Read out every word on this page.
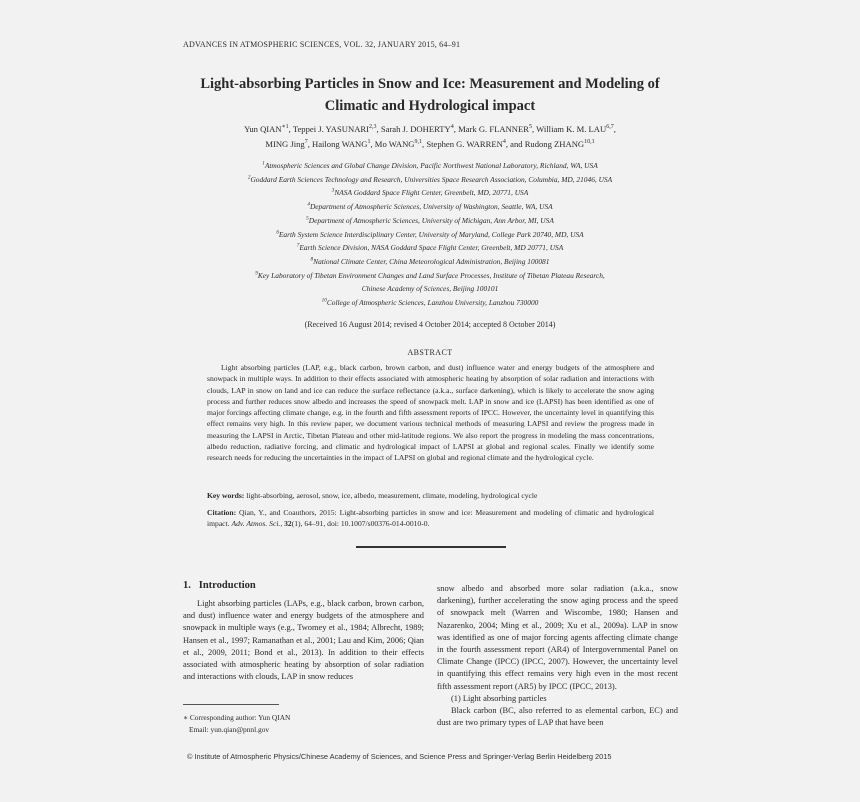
ADVANCES IN ATMOSPHERIC SCIENCES, VOL. 32, JANUARY 2015, 64–91
Light-absorbing Particles in Snow and Ice: Measurement and Modeling of
Climatic and Hydrological impact
Yun $QIAN^{∗1}$, Teppei J. YASUNARI$^{2,3}$, Sarah J. DOHERTY$^4$, Mark G. FLANNER$^5$, William K. M. LAU$^{6,7}$,
MING Jing$^7$, Hailong WANG$^1$, Mo WANG$^{9,1}$, Stephen G. WARREN$^4$, and Rudong ZHANG$^{10,1}$
$^1$Atmospheric Sciences and Global Change Division, Pacific Northwest National Laboratory, Richland, WA, USA
$^2$Goddard Earth Sciences Technology and Research, Universities Space Research Association, Columbia, MD, 21046, USA
$^3$NASA Goddard Space Flight Center, Greenbelt, MD, 20771, USA
$^4$Department of Atmospheric Sciences, University of Washington, Seattle, WA, USA
$^5$Department of Atmospheric Sciences, University of Michigan, Ann Arbor, MI, USA
$^6$Earth System Science Interdisciplinary Center, University of Maryland, College Park 20740, MD, USA
$^7$Earth Science Division, NASA Goddard Space Flight Center, Greenbelt, MD 20771, USA
$^8$National Climate Center, China Meteorological Administration, Beijing 100081
$^9$Key Laboratory of Tibetan Environment Changes and Land Surface Processes, Institute of Tibetan Plateau Research,
Chinese Academy of Sciences, Beijing 100101
$^{10}$College of Atmospheric Sciences, Lanzhou University, Lanzhou 730000
(Received 16 August 2014; revised 4 October 2014; accepted 8 October 2014)
ABSTRACT

Light absorbing particles (LAP, e.g., black carbon, brown carbon, and dust) influence water and energy budgets of the atmosphere and snowpack in multiple ways. In addition to their effects associated with atmospheric heating by absorption of solar radiation and interactions with clouds, LAP in snow on land and ice can reduce the surface reflectance (a.k.a., surface darkening), which is likely to accelerate the snow aging process and further reduces snow albedo and increases the speed of snowpack melt. LAP in snow and ice (LAPSI) has been identified as one of major forcings affecting climate change, e.g. in the fourth and fifth assessment reports of IPCC. However, the uncertainty level in quantifying this effect remains very high. In this review paper, we document various technical methods of measuring LAPSI and review the progress made in measuring the LAPSI in Arctic, Tibetan Plateau and other mid-latitude regions. We also report the progress in modeling the mass concentrations, albedo reduction, radiative forcing, and climatic and hydrological impact of LAPSI at global and regional scales. Finally we identify some research needs for reducing the uncertainties in the impact of LAPSI on global and regional climate and the hydrological cycle.

Key words: light-absorbing, aerosol, snow, ice, albedo, measurement, climate, modeling, hydrological cycle

Citation: Qian, Y., and Coauthors, 2015: Light-absorbing particles in snow and ice: Measurement and modeling of climatic and hydrological impact. Adv. Atmos. Sci., 32(1), 64–91, doi: 10.1007/s00376-014-0010-0.

1. Introduction

Light absorbing particles (LAPs, e.g., black carbon, brown carbon, and dust) influence water and energy budgets of the atmosphere and snowpack in multiple ways (e.g., Twomey et al., 1984; Albrecht, 1989; Hansen et al., 1997; Ramanathan et al., 2001; Lau and Kim, 2006; Qian et al., 2009, 2011; Bond et al., 2013). In addition to their effects associated with atmospheric heating by absorption of solar radiation and interactions with clouds, LAP in snow reduces

∗ Corresponding author: Yun QIAN
Email: yun.qian@pnnl.gov

snow albedo and absorbed more solar radiation (a.k.a., snow darkening), further accelerating the snow aging process and the speed of snowpack melt (Warren and Wiscombe, 1980; Hansen and Nazarenko, 2004; Ming et al., 2009; Xu et al., 2009a). LAP in snow was identified as one of major forcing agents affecting climate change in the fourth assessment report (AR4) of Intergovernmental Panel on Climate Change (IPCC) (IPCC, 2007). However, the uncertainty level in quantifying this effect remains very high even in the most recent fifth assessment report (AR5) by IPCC (IPCC, 2013).

(1) Light absorbing particles

Black carbon (BC, also referred to as elemental carbon, EC) and dust are two primary types of LAP that have been

© Institute of Atmospheric Physics/Chinese Academy of Sciences, and Science Press and Springer-Verlag Berlin Heidelberg 2015
